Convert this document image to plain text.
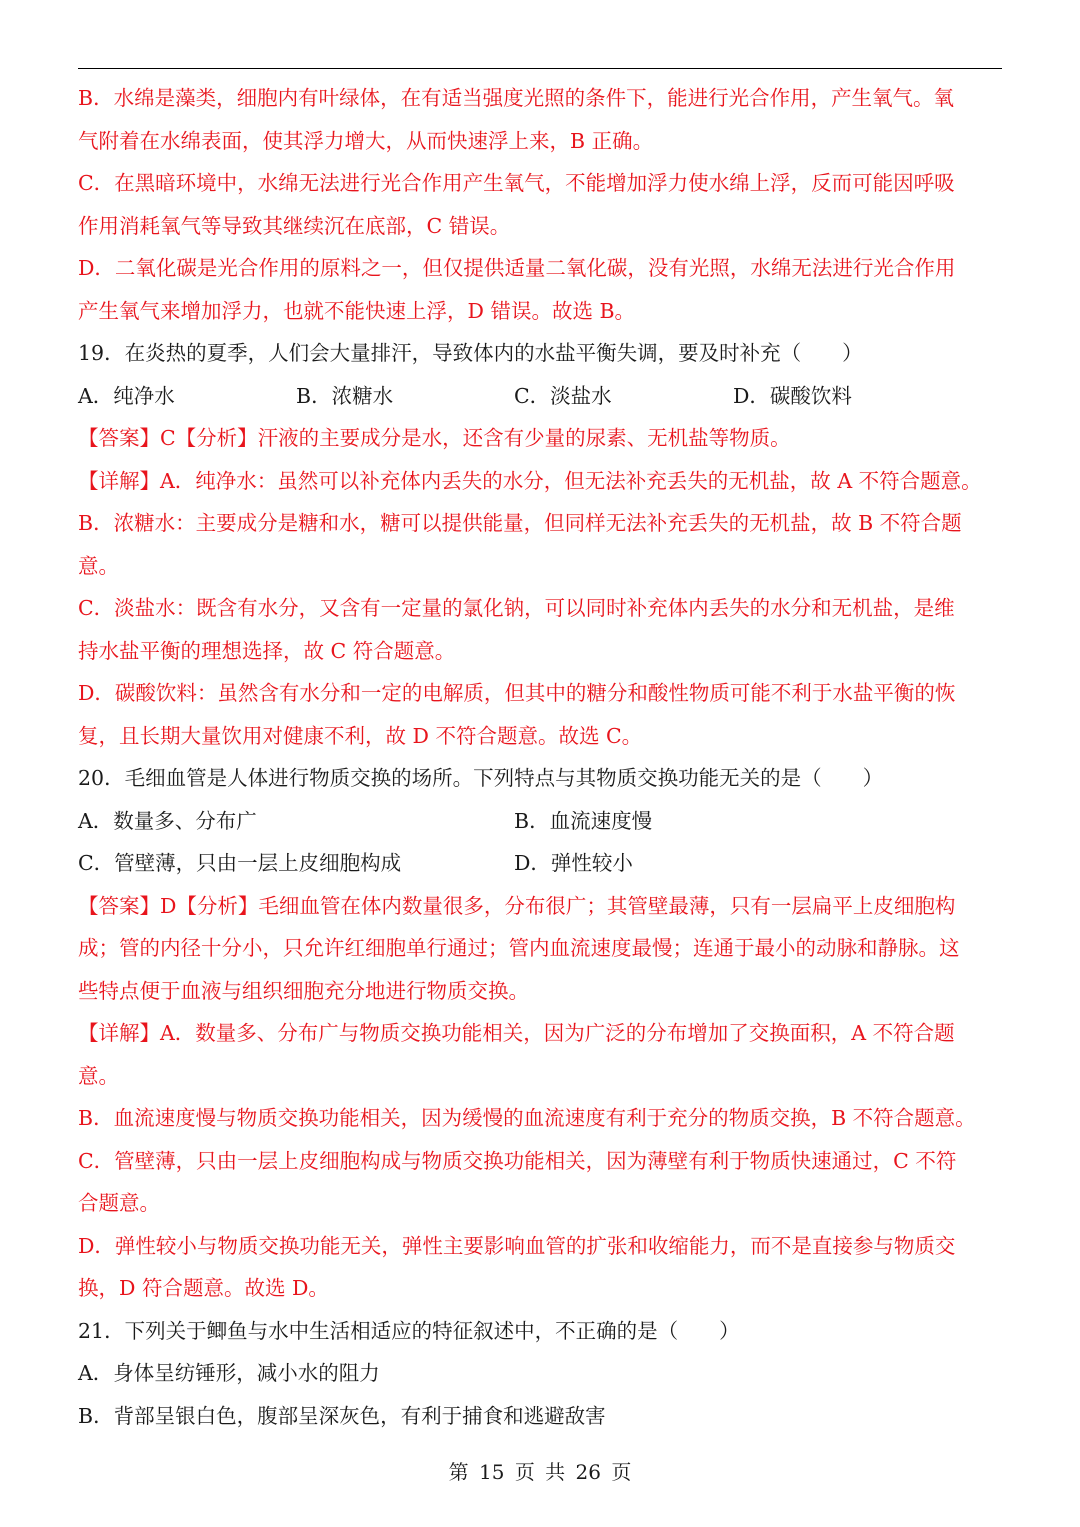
B．水绵是藻类，细胞内有叶绿体，在有适当强度光照的条件下，能进行光合作用，产生氧气。氧
气附着在水绵表面，使其浮力增大，从而快速浮上来，B 正确。
C．在黑暗环境中，水绵无法进行光合作用产生氧气，不能增加浮力使水绵上浮，反而可能因呼吸
作用消耗氧气等导致其继续沉在底部，C 错误。
D．二氧化碳是光合作用的原料之一，但仅提供适量二氧化碳，没有光照，水绵无法进行光合作用
产生氧气来增加浮力，也就不能快速上浮，D 错误。故选 B。
19．在炎热的夏季，人们会大量排汗，导致体内的水盐平衡失调，要及时补充（　　）
A．纯净水	B．浓糖水	C．淡盐水	D．碳酸饮料
【答案】C【分析】汗液的主要成分是水，还含有少量的尿素、无机盐等物质。
【详解】A．纯净水：虽然可以补充体内丢失的水分，但无法补充丢失的无机盐，故 A 不符合题意。
B．浓糖水：主要成分是糖和水，糖可以提供能量，但同样无法补充丢失的无机盐，故 B 不符合题
意。
C．淡盐水：既含有水分，又含有一定量的氯化钠，可以同时补充体内丢失的水分和无机盐，是维
持水盐平衡的理想选择，故 C 符合题意。
D．碳酸饮料：虽然含有水分和一定的电解质，但其中的糖分和酸性物质可能不利于水盐平衡的恢
复，且长期大量饮用对健康不利，故 D 不符合题意。故选 C。
20．毛细血管是人体进行物质交换的场所。下列特点与其物质交换功能无关的是（　　）
A．数量多、分布广	B．血流速度慢
C．管壁薄，只由一层上皮细胞构成	D．弹性较小
【答案】D【分析】毛细血管在体内数量很多，分布很广；其管壁最薄，只有一层扁平上皮细胞构
成；管的内径十分小，只允许红细胞单行通过；管内血流速度最慢；连通于最小的动脉和静脉。这
些特点便于血液与组织细胞充分地进行物质交换。
【详解】A．数量多、分布广与物质交换功能相关，因为广泛的分布增加了交换面积，A 不符合题
意。
B．血流速度慢与物质交换功能相关，因为缓慢的血流速度有利于充分的物质交换，B 不符合题意。
C．管壁薄，只由一层上皮细胞构成与物质交换功能相关，因为薄壁有利于物质快速通过，C 不符
合题意。
D．弹性较小与物质交换功能无关，弹性主要影响血管的扩张和收缩能力，而不是直接参与物质交
换，D 符合题意。故选 D。
21．下列关于鲫鱼与水中生活相适应的特征叙述中，不正确的是（　　）
A．身体呈纺锤形，减小水的阻力
B．背部呈银白色，腹部呈深灰色，有利于捕食和逃避敌害
第 15 页 共 26 页
